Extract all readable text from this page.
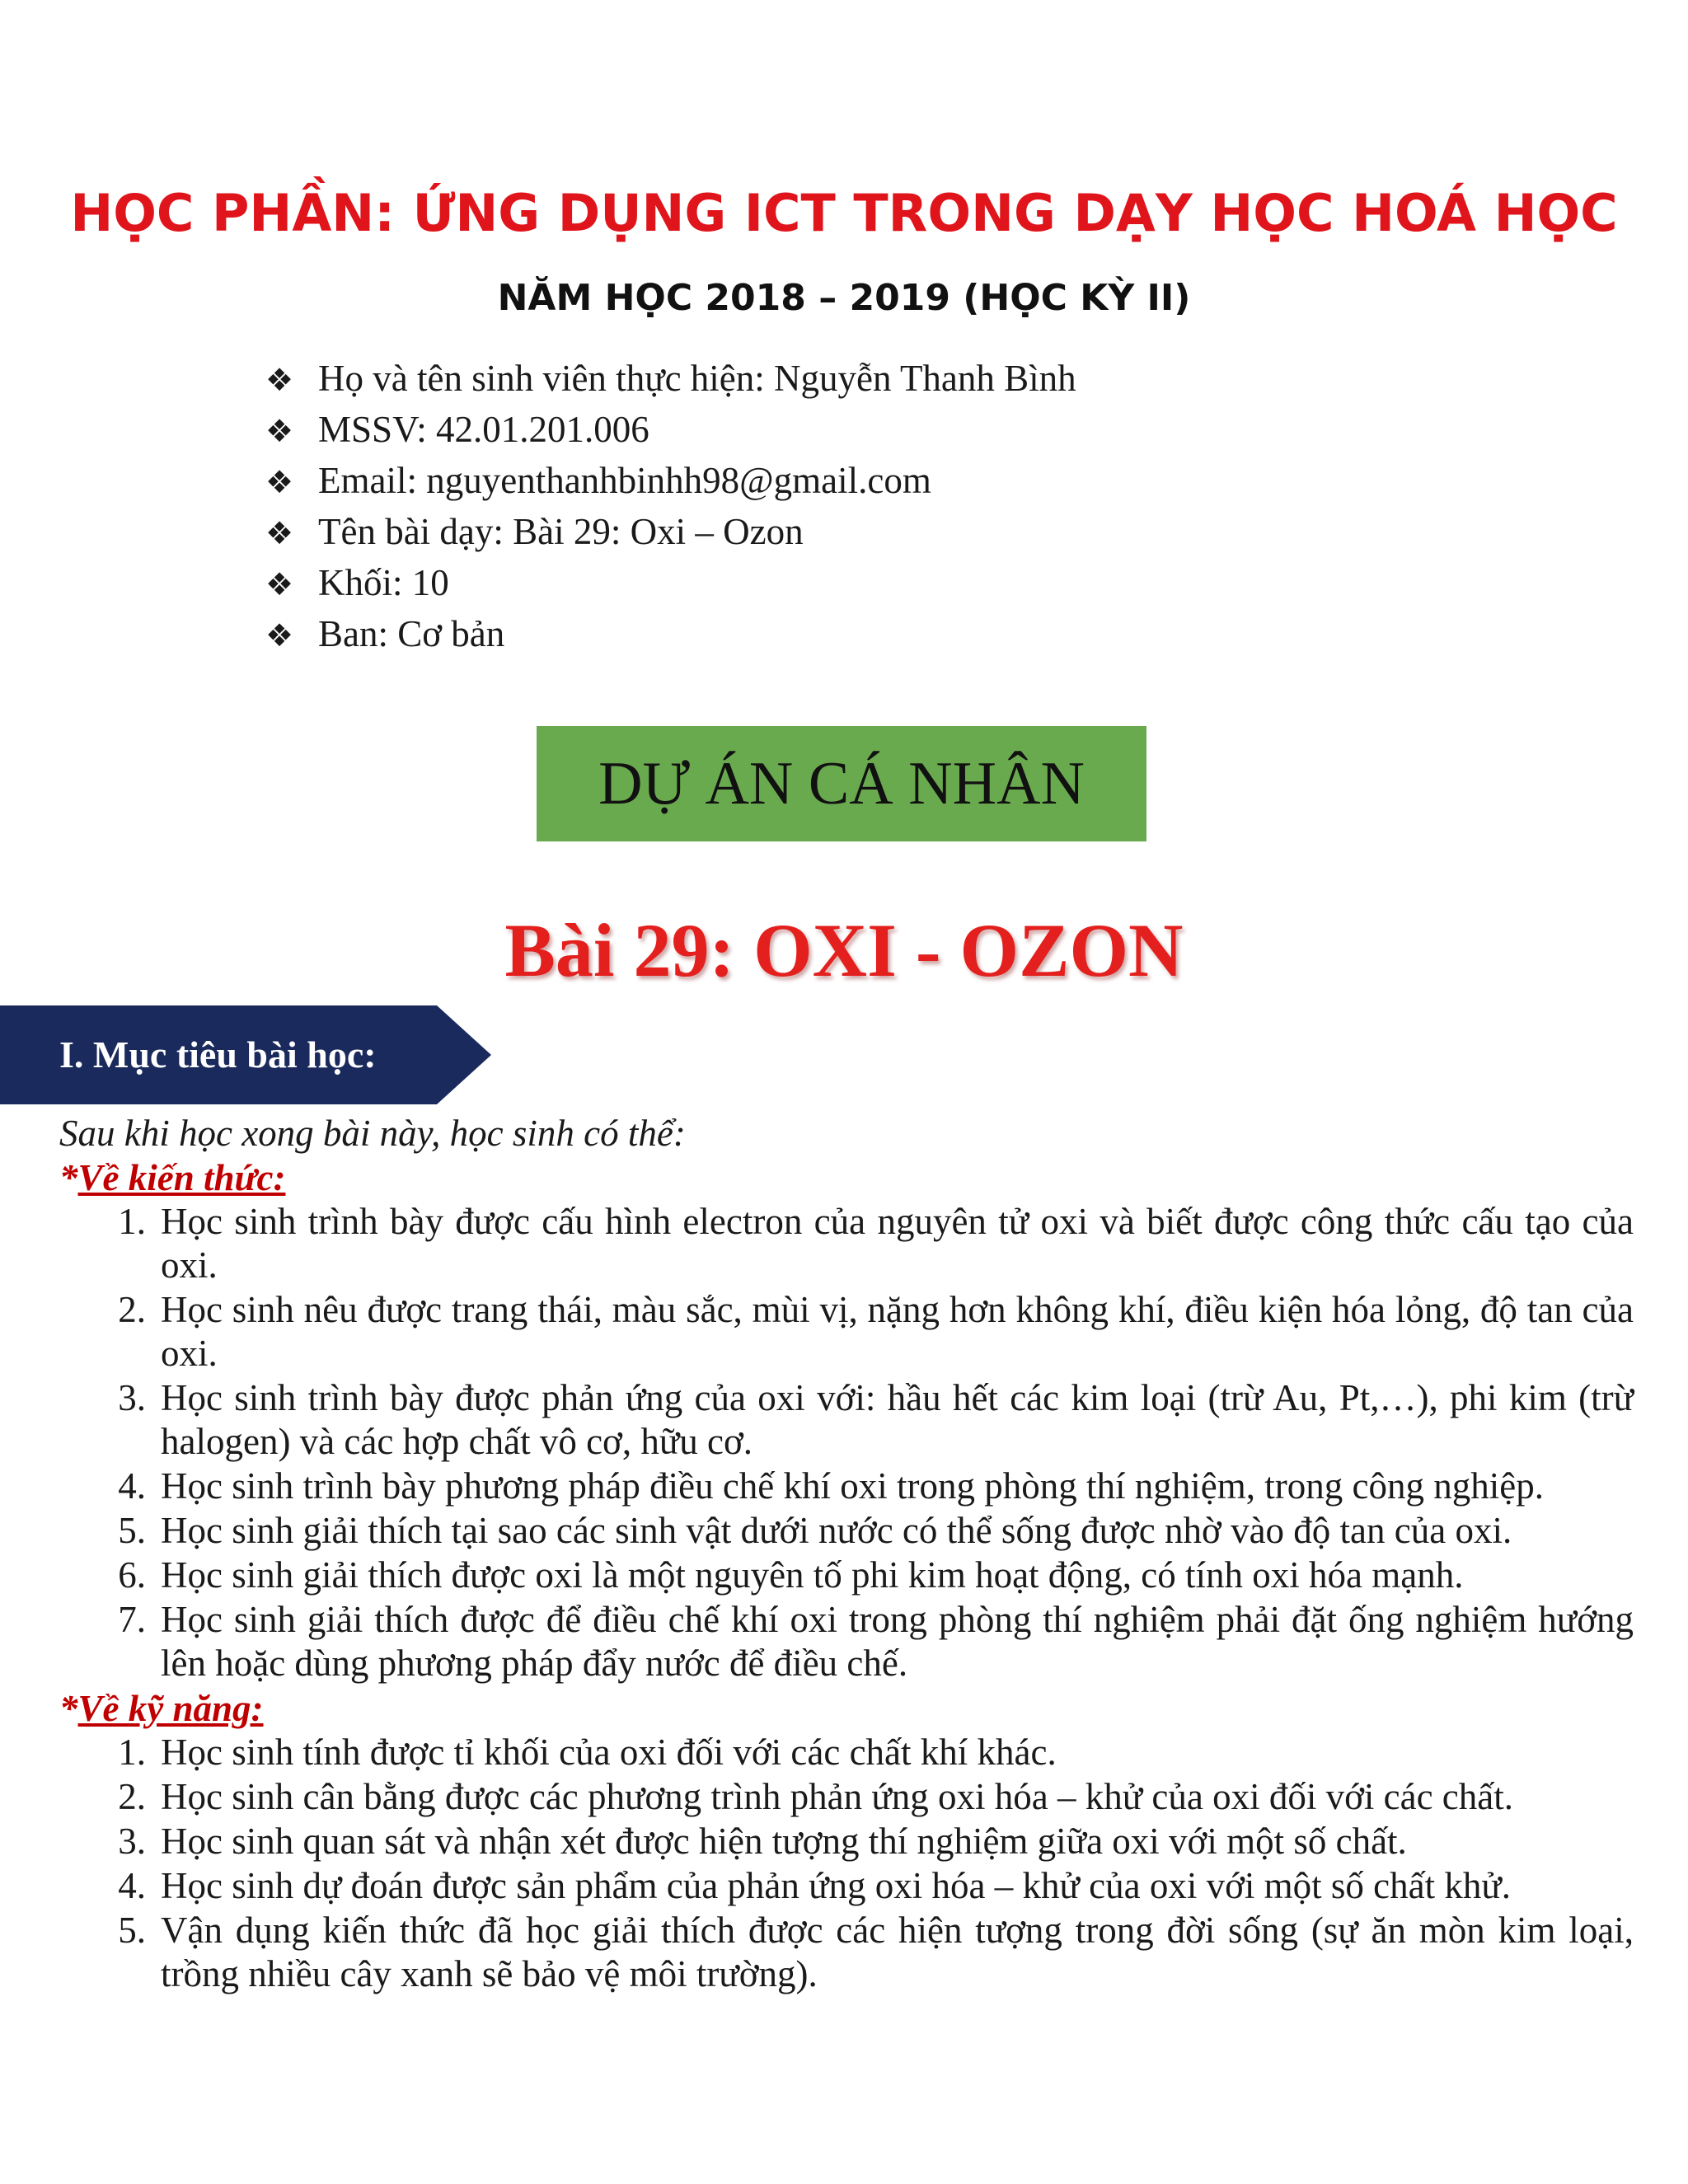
HỌC PHẦN: ỨNG DỤNG ICT TRONG DẠY HỌC HOÁ HỌC
NĂM HỌC 2018 – 2019 (HỌC KỲ II)
❖ Họ và tên sinh viên thực hiện: Nguyễn Thanh Bình
❖ MSSV: 42.01.201.006
❖ Email: nguyenthanhbinhh98@gmail.com
❖ Tên bài dạy: Bài 29: Oxi – Ozon
❖ Khối: 10
❖ Ban: Cơ bản
DỰ ÁN CÁ NHÂN
Bài 29: OXI - OZON
I. Mục tiêu bài học:
Sau khi học xong bài này, học sinh có thể:
*Về kiến thức:
1. Học sinh trình bày được cấu hình electron của nguyên tử oxi và biết được công thức cấu tạo của oxi.
2. Học sinh nêu được trang thái, màu sắc, mùi vị, nặng hơn không khí, điều kiện hóa lỏng, độ tan của oxi.
3. Học sinh trình bày được phản ứng của oxi với: hầu hết các kim loại (trừ Au, Pt,…), phi kim (trừ halogen) và các hợp chất vô cơ, hữu cơ.
4. Học sinh trình bày phương pháp điều chế khí oxi trong phòng thí nghiệm, trong công nghiệp.
5. Học sinh giải thích tại sao các sinh vật dưới nước có thể sống được nhờ vào độ tan của oxi.
6. Học sinh giải thích được oxi là một nguyên tố phi kim hoạt động, có tính oxi hóa mạnh.
7. Học sinh giải thích được để điều chế khí oxi trong phòng thí nghiệm phải đặt ống nghiệm hướng lên hoặc dùng phương pháp đẩy nước để điều chế.
*Về kỹ năng:
1. Học sinh tính được tỉ khối của oxi đối với các chất khí khác.
2. Học sinh cân bằng được các phương trình phản ứng oxi hóa – khử của oxi đối với các chất.
3. Học sinh quan sát và nhận xét được hiện tượng thí nghiệm giữa oxi với một số chất.
4. Học sinh dự đoán được sản phẩm của phản ứng oxi hóa – khử của oxi với một số chất khử.
5. Vận dụng kiến thức đã học giải thích được các hiện tượng trong đời sống (sự ăn mòn kim loại, trồng nhiều cây xanh sẽ bảo vệ môi trường).
